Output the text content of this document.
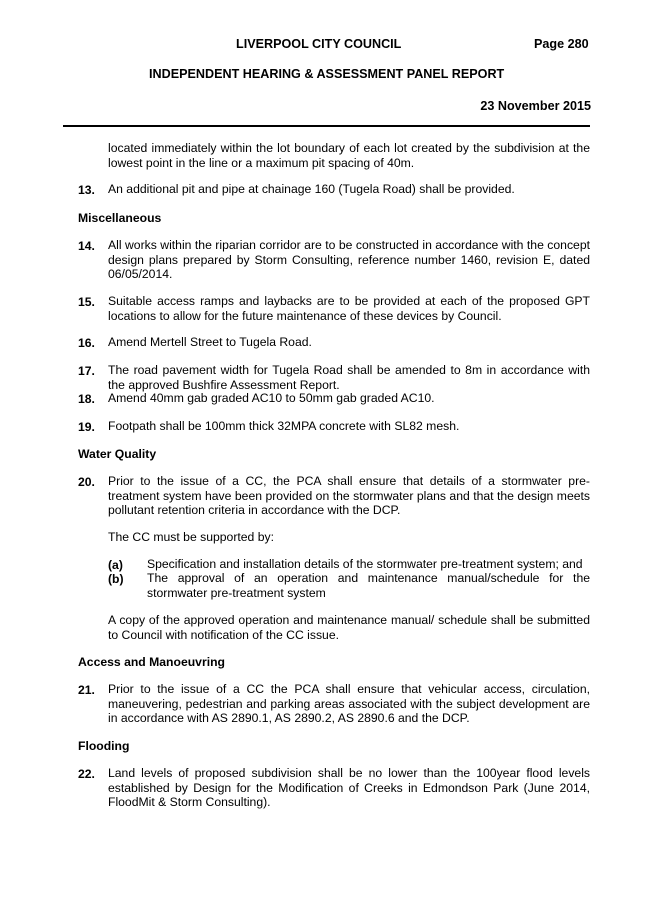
LIVERPOOL CITY COUNCIL	Page 280
INDEPENDENT HEARING & ASSESSMENT PANEL REPORT
23 November 2015
located immediately within the lot boundary of each lot created by the subdivision at the lowest point in the line or a maximum pit spacing of 40m.
13. An additional pit and pipe at chainage 160 (Tugela Road) shall be provided.
Miscellaneous
14. All works within the riparian corridor are to be constructed in accordance with the concept design plans prepared by Storm Consulting, reference number 1460, revision E, dated 06/05/2014.
15. Suitable access ramps and laybacks are to be provided at each of the proposed GPT locations to allow for the future maintenance of these devices by Council.
16. Amend Mertell Street to Tugela Road.
17. The road pavement width for Tugela Road shall be amended to 8m in accordance with the approved Bushfire Assessment Report.
18. Amend 40mm gab graded AC10 to 50mm gab graded AC10.
19. Footpath shall be 100mm thick 32MPA concrete with SL82 mesh.
Water Quality
20. Prior to the issue of a CC, the PCA shall ensure that details of a stormwater pre-treatment system have been provided on the stormwater plans and that the design meets pollutant retention criteria in accordance with the DCP.
The CC must be supported by:
(a) Specification and installation details of the stormwater pre-treatment system; and
(b) The approval of an operation and maintenance manual/schedule for the stormwater pre-treatment system
A copy of the approved operation and maintenance manual/ schedule shall be submitted to Council with notification of the CC issue.
Access and Manoeuvring
21. Prior to the issue of a CC the PCA shall ensure that vehicular access, circulation, maneuvering, pedestrian and parking areas associated with the subject development are in accordance with AS 2890.1, AS 2890.2, AS 2890.6 and the DCP.
Flooding
22. Land levels of proposed subdivision shall be no lower than the 100year flood levels established by Design for the Modification of Creeks in Edmondson Park (June 2014, FloodMit & Storm Consulting).
